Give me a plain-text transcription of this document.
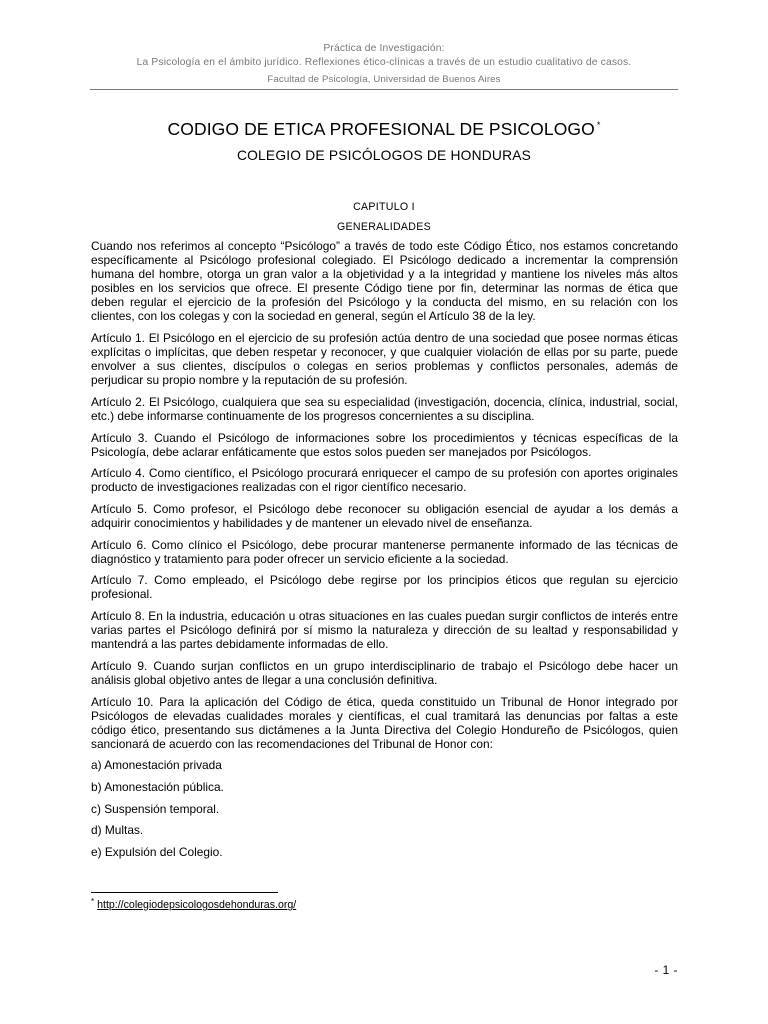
Práctica de Investigación:
La Psicología en el ámbito jurídico. Reflexiones ético-clínicas a través de un estudio cualitativo de casos.
Facultad de Psicología, Universidad de Buenos Aires
CODIGO DE ETICA PROFESIONAL DE PSICOLOGO *
COLEGIO DE PSICÓLOGOS DE HONDURAS
CAPITULO I
GENERALIDADES

Cuando nos referimos al concepto “Psicólogo” a través de todo este Código Ético, nos estamos concretando específicamente al Psicólogo profesional colegiado. El Psicólogo dedicado a incrementar la comprensión humana del hombre, otorga un gran valor a la objetividad y a la integridad y mantiene los niveles más altos posibles en los servicios que ofrece. El presente Código tiene por fin, determinar las normas de ética que deben regular el ejercicio de la profesión del Psicólogo y la conducta del mismo, en su relación con los clientes, con los colegas y con la sociedad en general, según el Artículo 38 de la ley.

Artículo 1. El Psicólogo en el ejercicio de su profesión actúa dentro de una sociedad que posee normas éticas explícitas o implícitas, que deben respetar y reconocer, y que cualquier violación de ellas por su parte, puede envolver a sus clientes, discípulos o colegas en serios problemas y conflictos personales, además de perjudicar su propio nombre y la reputación de su profesión.

Artículo 2. El Psicólogo, cualquiera que sea su especialidad (investigación, docencia, clínica, industrial, social, etc.) debe informarse continuamente de los progresos concernientes a su disciplina.

Artículo 3. Cuando el Psicólogo de informaciones sobre los procedimientos y técnicas específicas de la Psicología, debe aclarar enfáticamente que estos solos pueden ser manejados por Psicólogos.

Artículo 4. Como científico, el Psicólogo procurará enriquecer el campo de su profesión con aportes originales producto de investigaciones realizadas con el rigor científico necesario.

Artículo 5. Como profesor, el Psicólogo debe reconocer su obligación esencial de ayudar a los demás a adquirir conocimientos y habilidades y de mantener un elevado nivel de enseñanza.

Artículo 6. Como clínico el Psicólogo, debe procurar mantenerse permanente informado de las técnicas de diagnóstico y tratamiento para poder ofrecer un servicio eficiente a la sociedad.

Artículo 7. Como empleado, el Psicólogo debe regirse por los principios éticos que regulan su ejercicio profesional.

Artículo 8. En la industria, educación u otras situaciones en las cuales puedan surgir conflictos de interés entre varias partes el Psicólogo definirá por sí mismo la naturaleza y dirección de su lealtad y responsabilidad y mantendrá a las partes debidamente informadas de ello.

Artículo 9. Cuando surjan conflictos en un grupo interdisciplinario de trabajo el Psicólogo debe hacer un análisis global objetivo antes de llegar a una conclusión definitiva.

Artículo 10. Para la aplicación del Código de ética, queda constituido un Tribunal de Honor integrado por Psicólogos de elevadas cualidades morales y científicas, el cual tramitará las denuncias por faltas a este código ético, presentando sus dictámenes a la Junta Directiva del Colegio Hondureño de Psicólogos, quien sancionará de acuerdo con las recomendaciones del Tribunal de Honor con:

a) Amonestación privada
b) Amonestación pública.
c) Suspensión temporal.
d) Multas.
e) Expulsión del Colegio.
* http://colegiodepsicologosdehonduras.org/
- 1 -
